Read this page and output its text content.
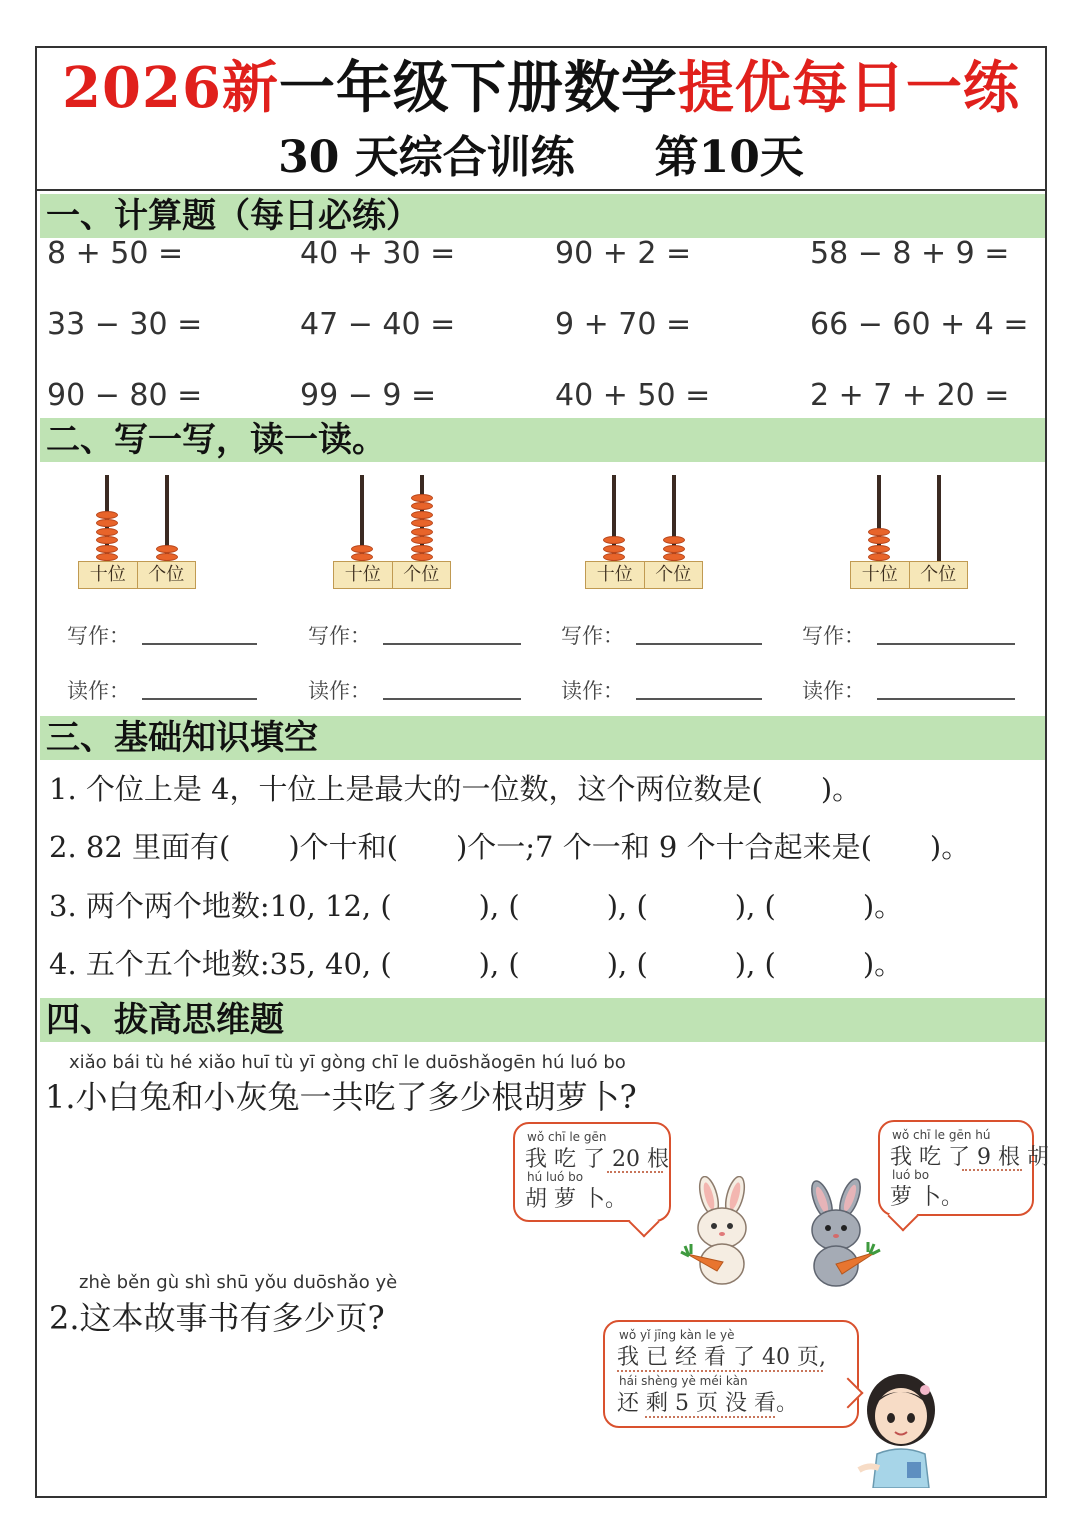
2026新一年级下册数学提优每日一练
30 天综合训练 第10天
一、计算题（每日必练）
8 + 50 =	40 + 30 =	90 + 2 =	58 − 8 + 9 =
33 − 30 =	47 − 40 =	9 + 70 =	66 − 60 + 4 =
90 − 80 =	99 − 9 =	40 + 50 =	2 + 7 + 20 =
二、写一写，读一读。
十位	个位	十位	个位	十位	个位	十位	个位
写作：	写作：	写作：	写作：
读作：	读作：	读作：	读作：
三、基础知识填空
1. 个位上是 4，十位上是最大的一位数，这个两位数是(　　)。
2. 82 里面有(　　)个十和(　　)个一;7 个一和 9 个十合起来是(　　)。
3. 两个两个地数:10, 12, (　　　), (　　　), (　　　), (　　　)。
4. 五个五个地数:35, 40, (　　　), (　　　), (　　　), (　　　)。
四、拔高思维题
xiǎo bái tù hé xiǎo huī tù yī gòng chī le duōshǎogēn hú luó bo
1.小白兔和小灰兔一共吃了多少根胡萝卜?
wǒ chī le gēn
我 吃 了 20 根
hú luó bo
胡 萝 卜。
wǒ chī le gēn hú
我 吃 了 9 根 胡
luó bo
萝 卜。
zhè běn gù shì shū yǒu duōshǎo yè
2.这本故事书有多少页?	wǒ yǐ jīng kàn le yè
我 已 经 看 了 40 页,
hái shèng yè méi kàn
还 剩 5 页 没 看。
